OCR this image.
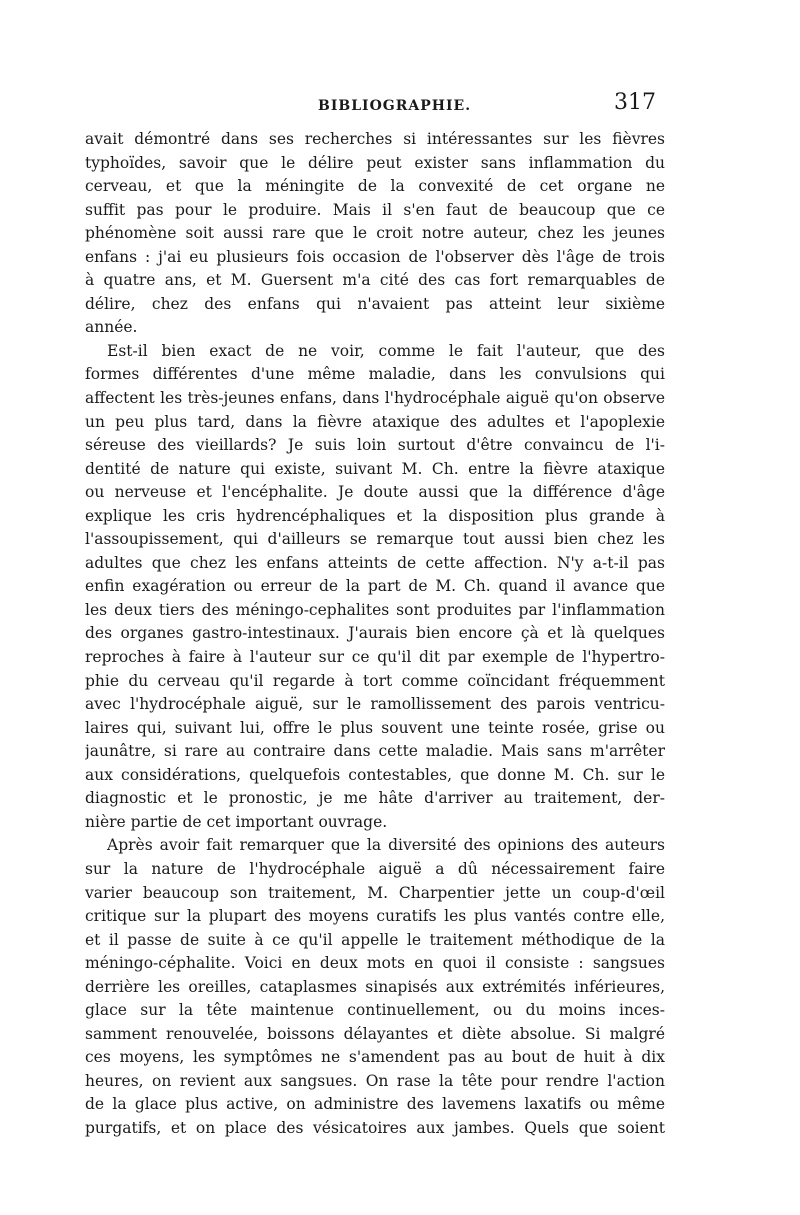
BIBLIOGRAPHIE.	317
avait démontré dans ses recherches si intéressantes sur les fièvres
typhoïdes, savoir que le délire peut exister sans inflammation du
cerveau, et que la méningite de la convexité de cet organe ne
suffit pas pour le produire. Mais il s'en faut de beaucoup que ce
phénomène soit aussi rare que le croit notre auteur, chez les jeunes
enfans : j'ai eu plusieurs fois occasion de l'observer dès l'âge de trois
à quatre ans, et M. Guersent m'a cité des cas fort remarquables de
délire, chez des enfans qui n'avaient pas atteint leur sixième
année.
Est-il bien exact de ne voir, comme le fait l'auteur, que des
formes différentes d'une même maladie, dans les convulsions qui
affectent les très-jeunes enfans, dans l'hydrocéphale aiguë qu'on observe
un peu plus tard, dans la fièvre ataxique des adultes et l'apoplexie
séreuse des vieillards? Je suis loin surtout d'être convaincu de l'i-
dentité de nature qui existe, suivant M. Ch. entre la fièvre ataxique
ou nerveuse et l'encéphalite. Je doute aussi que la différence d'âge
explique les cris hydrencéphaliques et la disposition plus grande à
l'assoupissement, qui d'ailleurs se remarque tout aussi bien chez les
adultes que chez les enfans atteints de cette affection. N'y a-t-il pas
enfin exagération ou erreur de la part de M. Ch. quand il avance que
les deux tiers des méningo-cephalites sont produites par l'inflammation
des organes gastro-intestinaux. J'aurais bien encore çà et là quelques
reproches à faire à l'auteur sur ce qu'il dit par exemple de l'hypertro-
phie du cerveau qu'il regarde à tort comme coïncidant fréquemment
avec l'hydrocéphale aiguë, sur le ramollissement des parois ventricu-
laires qui, suivant lui, offre le plus souvent une teinte rosée, grise ou
jaunâtre, si rare au contraire dans cette maladie. Mais sans m'arrêter
aux considérations, quelquefois contestables, que donne M. Ch. sur le
diagnostic et le pronostic, je me hâte d'arriver au traitement, der-
nière partie de cet important ouvrage.
Après avoir fait remarquer que la diversité des opinions des auteurs
sur la nature de l'hydrocéphale aiguë a dû nécessairement faire
varier beaucoup son traitement, M. Charpentier jette un coup-d'œil
critique sur la plupart des moyens curatifs les plus vantés contre elle,
et il passe de suite à ce qu'il appelle le traitement méthodique de la
méningo-céphalite. Voici en deux mots en quoi il consiste : sangsues
derrière les oreilles, cataplasmes sinapisés aux extrémités inférieures,
glace sur la tête maintenue continuellement, ou du moins inces-
samment renouvelée, boissons délayantes et diète absolue. Si malgré
ces moyens, les symptômes ne s'amendent pas au bout de huit à dix
heures, on revient aux sangsues. On rase la tête pour rendre l'action
de la glace plus active, on administre des lavemens laxatifs ou même
purgatifs, et on place des vésicatoires aux jambes. Quels que soient
